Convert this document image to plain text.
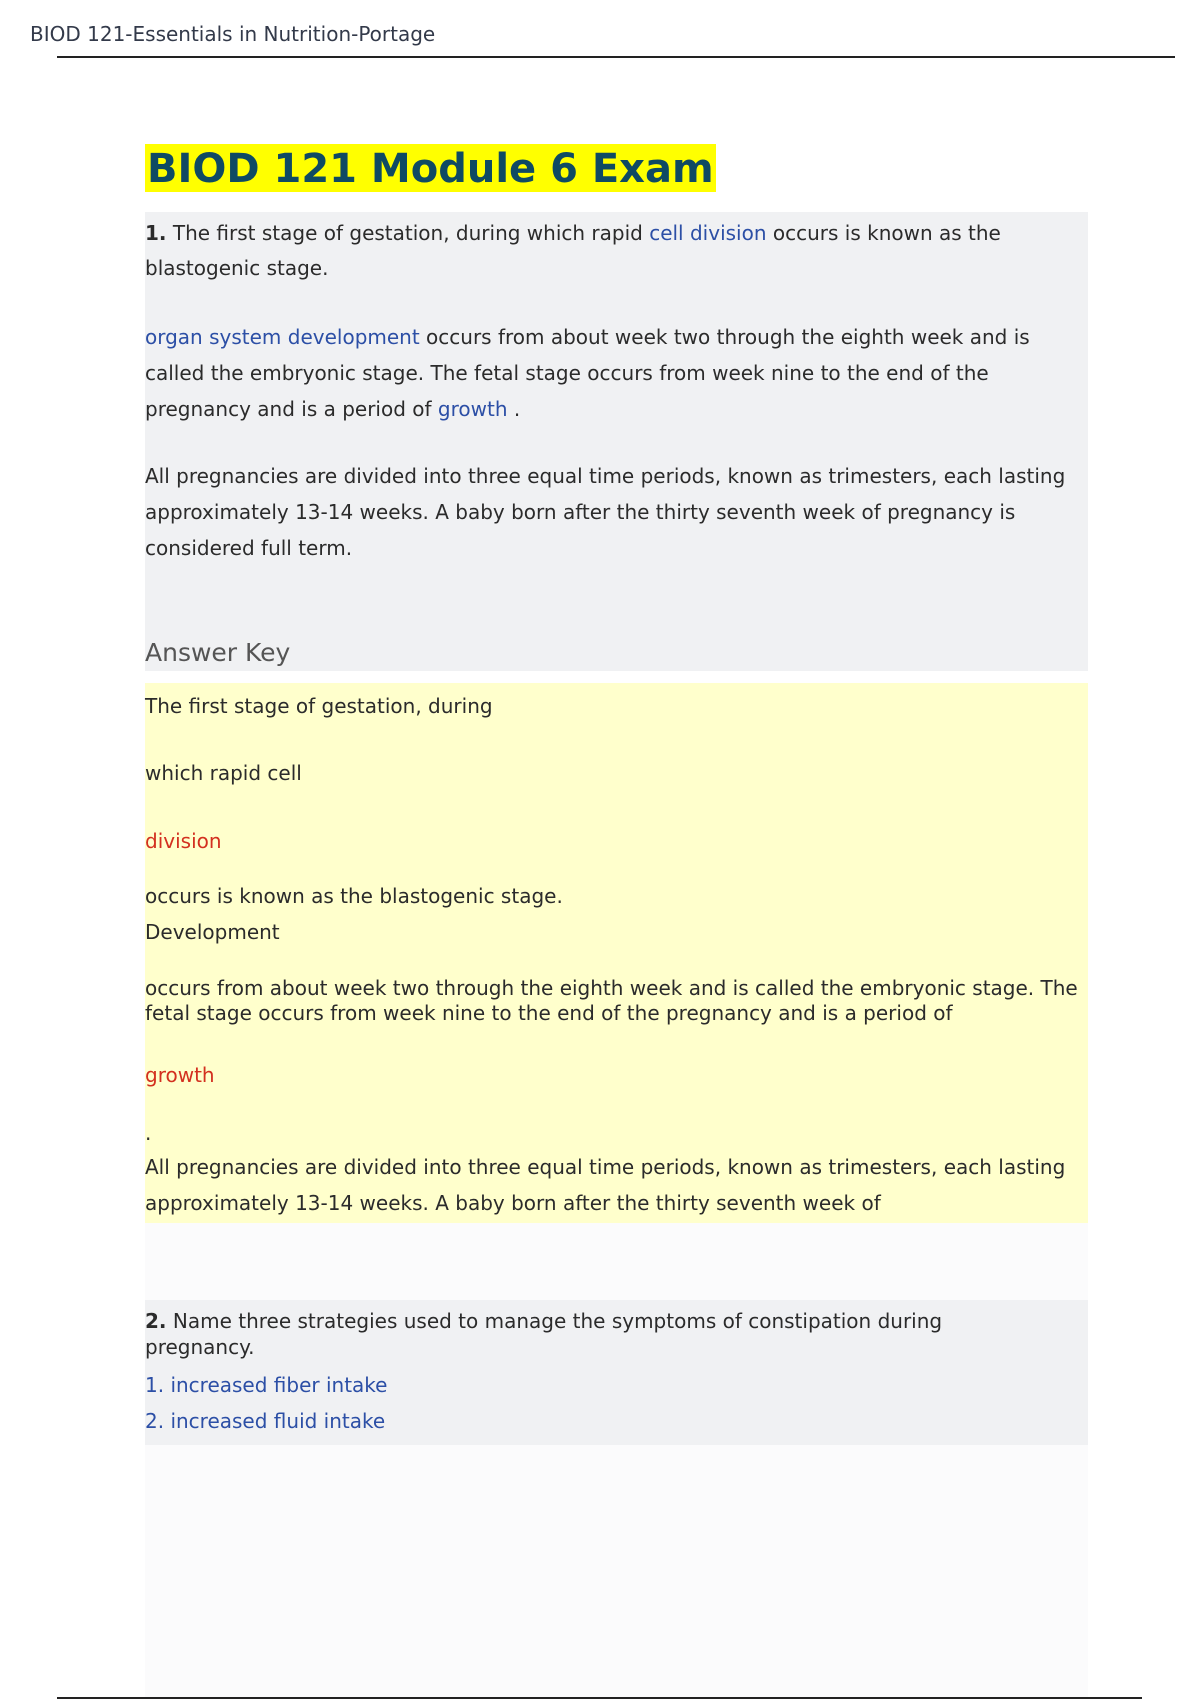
BIOD 121-Essentials in Nutrition-Portage
BIOD 121 Module 6 Exam

1. The first stage of gestation, during which rapid cell division occurs is known as the blastogenic stage.

organ system development occurs from about week two through the eighth week and is called the embryonic stage. The fetal stage occurs from week nine to the end of the pregnancy and is a period of growth .

All pregnancies are divided into three equal time periods, known as trimesters, each lasting approximately 13-14 weeks. A baby born after the thirty seventh week of pregnancy is considered full term.

Answer Key

The first stage of gestation, during

which rapid cell

division

occurs is known as the blastogenic stage.

Development

occurs from about week two through the eighth week and is called the embryonic stage. The fetal stage occurs from week nine to the end of the pregnancy and is a period of

growth

.

All pregnancies are divided into three equal time periods, known as trimesters, each lasting approximately 13-14 weeks. A baby born after the thirty seventh week of

2. Name three strategies used to manage the symptoms of constipation during pregnancy.

1. increased fiber intake

2. increased fluid intake
